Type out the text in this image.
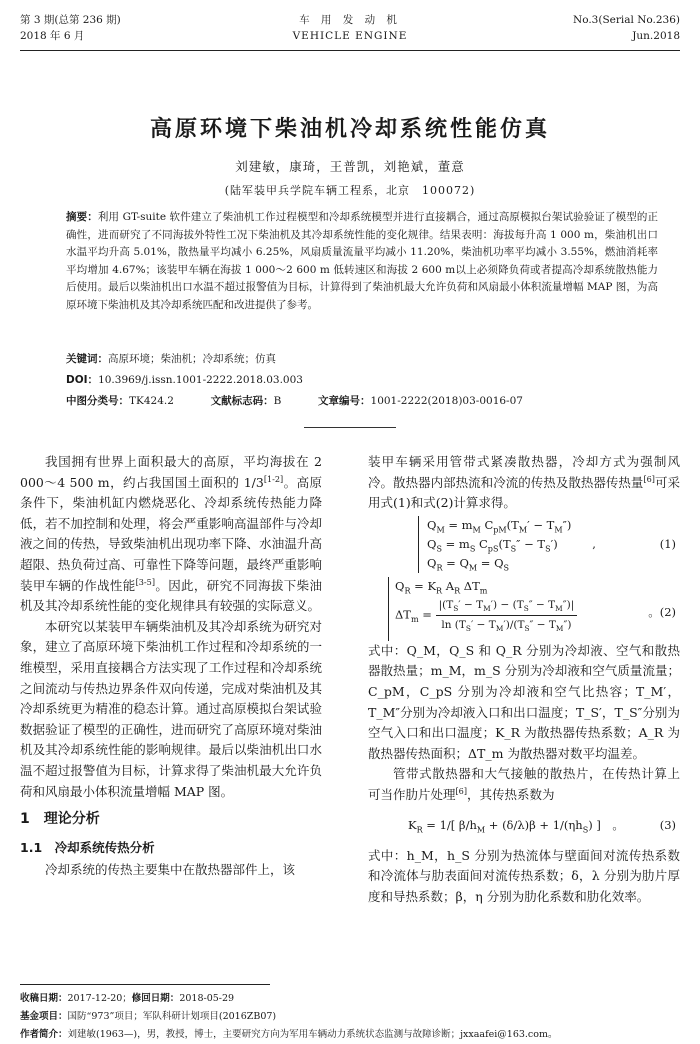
第 3 期(总第 236 期)
2018 年 6 月
车 用 发 动 机
VEHICLE ENGINE
No.3(Serial No.236)
Jun.2018
高原环境下柴油机冷却系统性能仿真
刘建敏，康琦，王普凯，刘艳斌，董意
(陆军装甲兵学院车辆工程系，北京　100072)
摘要：利用 GT-suite 软件建立了柴油机工作过程模型和冷却系统模型并进行直接耦合，通过高原模拟台架试验验证了模型的正确性，进而研究了不同海拔外特性工况下柴油机及其冷却系统性能的变化规律。结果表明：海拔每升高 1 000 m，柴油机出口水温平均升高 5.01%，散热量平均减小 6.25%，风扇质量流量平均减小 11.20%，柴油机功率平均减小 3.55%，燃油消耗率平均增加 4.67%；该装甲车辆在海拔 1 000～2 600 m 低转速区和海拔 2 600 m以上必须降负荷或者提高冷却系统散热能力后使用。最后以柴油机出口水温不超过报警值为目标，计算得到了柴油机最大允许负荷和风扇最小体积流量增幅 MAP 图，为高原环境下柴油机及其冷却系统匹配和改进提供了参考。
关键词：高原环境；柴油机；冷却系统；仿真
DOI：10.3969/j.issn.1001-2222.2018.03.003
中图分类号：TK424.2	文献标志码：B	文章编号：1001-2222(2018)03-0016-07

我国拥有世界上面积最大的高原，平均海拔在 2 000～4 500 m，约占我国国土面积的 1/3[1-2]。高原条件下，柴油机缸内燃烧恶化、冷却系统传热能力降低，若不加控制和处理，将会严重影响高温部件与冷却液之间的传热，导致柴油机出现功率下降、水油温升高超限、热负荷过高、可靠性下降等问题，最终严重影响装甲车辆的作战性能[3-5]。因此，研究不同海拔下柴油机及其冷却系统性能的变化规律具有较强的实际意义。

本研究以某装甲车辆柴油机及其冷却系统为研究对象，建立了高原环境下柴油机工作过程和冷却系统的一维模型，采用直接耦合方法实现了工作过程和冷却系统之间流动与传热边界条件双向传递，完成对柴油机及其冷却系统更为精准的稳态计算。通过高原模拟台架试验数据验证了模型的正确性，进而研究了高原环境对柴油机及其冷却系统性能的影响规律。最后以柴油机出口水温不超过报警值为目标，计算求得了柴油机最大允许负荷和风扇最小体积流量增幅 MAP 图。

1　理论分析
1.1　冷却系统传热分析

冷却系统的传热主要集中在散热器部件上，该

装甲车辆采用管带式紧凑散热器，冷却方式为强制风冷。散热器内部热流和冷流的传热及散热器传热量[6]可采用式(1)和式(2)计算求得。

$Q_M = m_M$ $C_{pM}(T_M' - T_M'')$
$Q_S = m_S$ $C_{pS}(T_S'' - T_S')$　　　,
$Q_R = Q_M = Q_S$
(1)
$Q_R = K_R$ $A_R$ $\Delta T_m$
$\Delta T_m = \frac{|(T_S' - T_M') - (T_S'' - T_M'')|}{\ln (T_S' - T_M')/(T_S'' - T_M'')}$	。(2)

式中：Q_M，Q_S 和 Q_R 分别为冷却液、空气和散热器散热量；m_M，m_S 分别为冷却液和空气质量流量；C_pM，C_pS 分别为冷却液和空气比热容；T_M′，T_M″分别为冷却液入口和出口温度；T_S′，T_S″分别为空气入口和出口温度；K_R 为散热器传热系数；A_R 为散热器传热面积；ΔT_m 为散热器对数平均温差。

管带式散热器和大气接触的散热片，在传热计算上可当作肋片处理[6]，其传热系数为

$K_R = 1/$[ $\beta/h_M + (\delta/\lambda)\beta + 1/(\eta h_S)$ ]　。	(3)

式中：h_M，h_S 分别为热流体与壁面间对流传热系数和冷流体与肋表面间对流传热系数；δ，λ 分别为肋片厚度和导热系数；β，η 分别为肋化系数和肋化效率。

收稿日期：2017-12-20；修回日期：2018-05-29
基金项目：国防“973”项目；军队科研计划项目(2016ZB07)
作者简介：刘建敏(1963—)，男，教授，博士，主要研究方向为军用车辆动力系统状态监测与故障诊断；jxxaafei@163.com。
